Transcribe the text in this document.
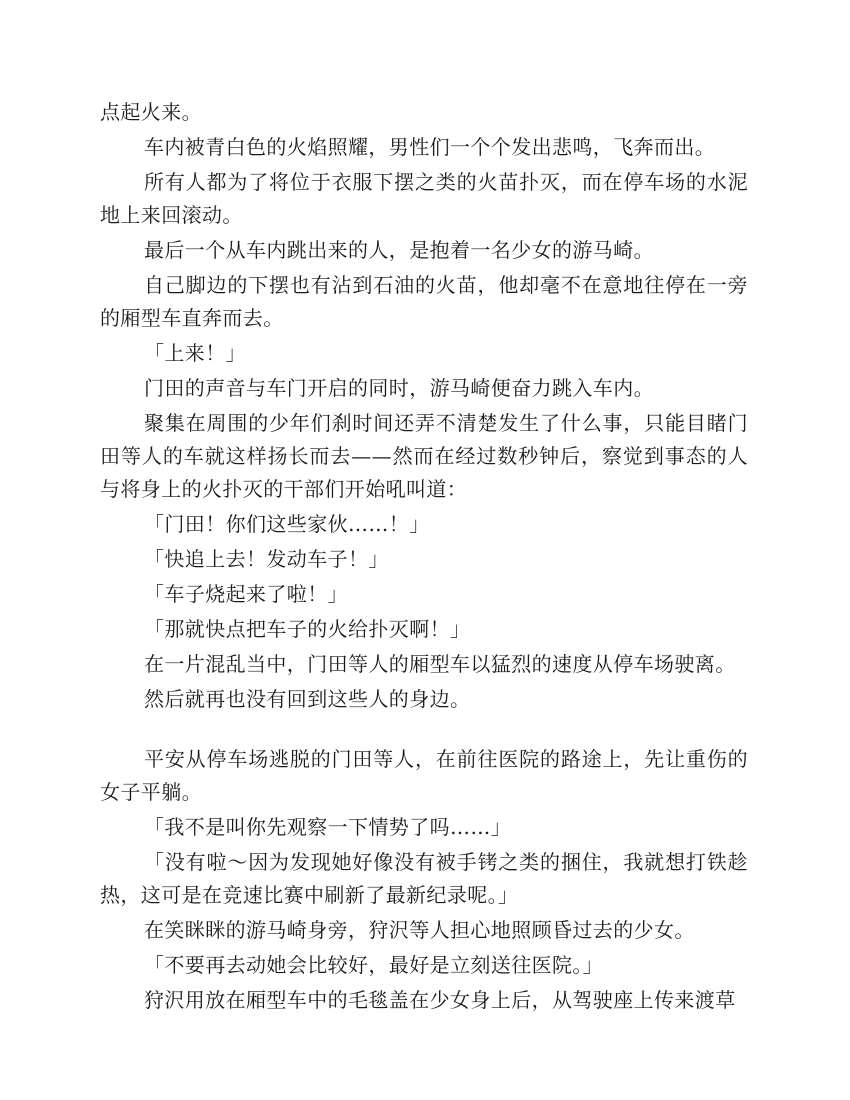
点起火来。

车内被青白色的火焰照耀，男性们一个个发出悲鸣，飞奔而出。

所有人都为了将位于衣服下摆之类的火苗扑灭，而在停车场的水泥地上来回滚动。

最后一个从车内跳出来的人，是抱着一名少女的游马崎。

自己脚边的下摆也有沾到石油的火苗，他却毫不在意地往停在一旁的厢型车直奔而去。

「上来！」

门田的声音与车门开启的同时，游马崎便奋力跳入车内。

聚集在周围的少年们刹时间还弄不清楚发生了什么事，只能目睹门田等人的车就这样扬长而去——然而在经过数秒钟后，察觉到事态的人与将身上的火扑灭的干部们开始吼叫道：

「门田！你们这些家伙……！」

「快追上去！发动车子！」

「车子烧起来了啦！」

「那就快点把车子的火给扑灭啊！」

在一片混乱当中，门田等人的厢型车以猛烈的速度从停车场驶离。

然后就再也没有回到这些人的身边。

平安从停车场逃脱的门田等人，在前往医院的路途上，先让重伤的女子平躺。

「我不是叫你先观察一下情势了吗……」

「没有啦～因为发现她好像没有被手铐之类的捆住，我就想打铁趁热，这可是在竞速比赛中刷新了最新纪录呢。」

在笑眯眯的游马崎身旁，狩沢等人担心地照顾昏过去的少女。

「不要再去动她会比较好，最好是立刻送往医院。」

狩沢用放在厢型车中的毛毯盖在少女身上后，从驾驶座上传来渡草
